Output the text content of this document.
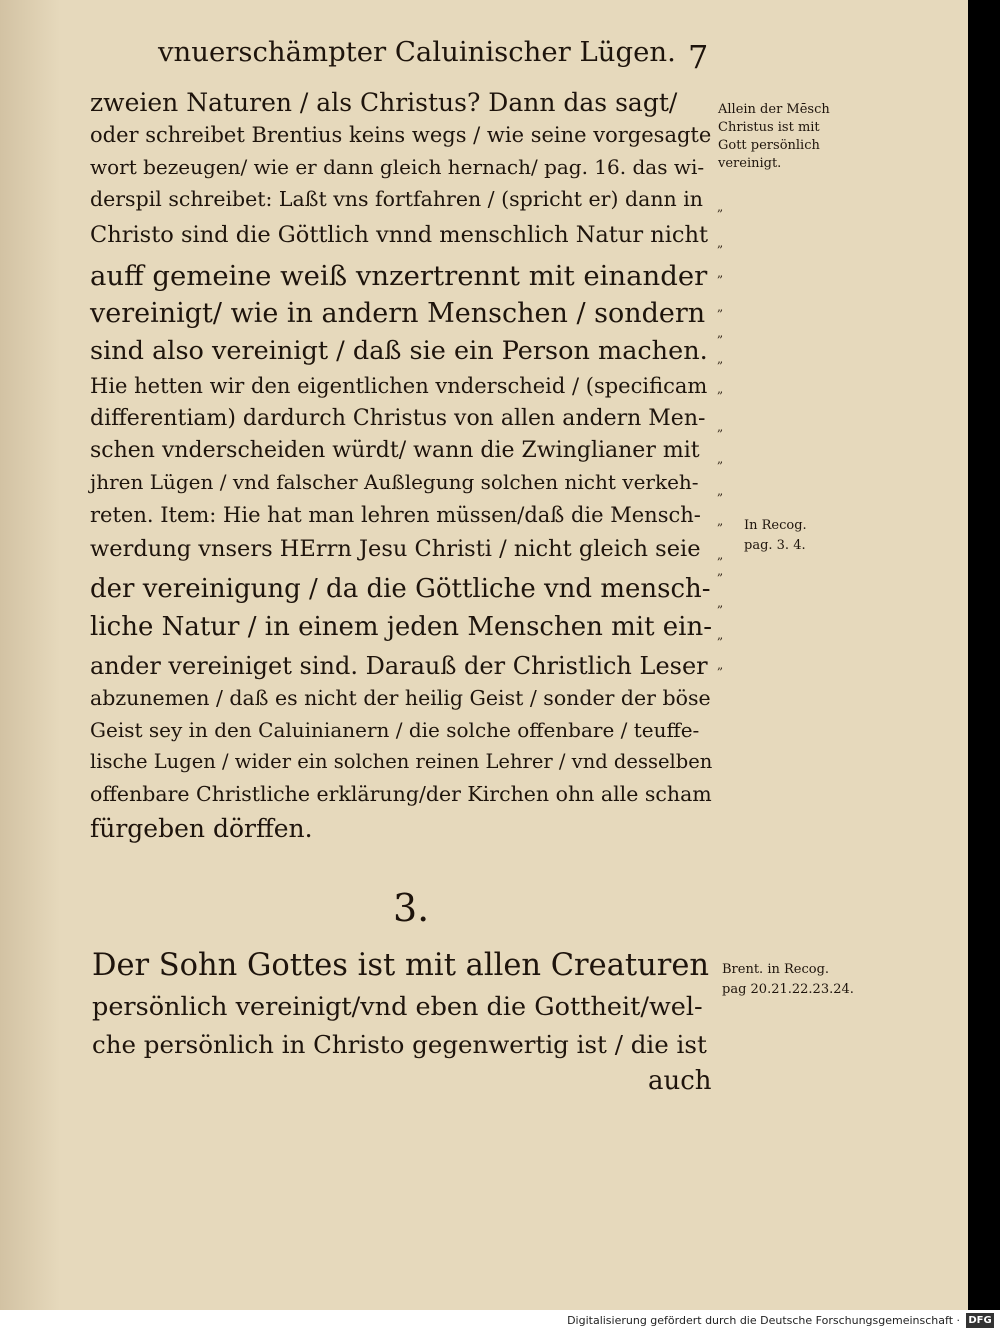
vnuerschämpter Caluinischer Lügen. 7
zweien Naturen / als Christus? Dann das sagt/
oder schreibet Brentius keins wegs / wie seine vorgesagte
wort bezeugen/ wie er dann gleich hernach/ pag. 16. das wi-
derspil schreibet: Laßt vns fortfahren / (spricht er) dann in
Christo sind die Göttlich vnnd menschlich Natur nicht
auff gemeine weiß vnzertrennt mit einander
vereinigt/ wie in andern Menschen / sondern
sind also vereinigt / daß sie ein Person machen.
Hie hetten wir den eigentlichen vnderscheid / (specificam
differentiam) dardurch Christus von allen andern Men-
schen vnderscheiden würdt/ wann die Zwinglianer mit
jhren Lügen / vnd falscher Außlegung solchen nicht verkeh-
reten. Item: Hie hat man lehren müssen/daß die Mensch-
werdung vnsers HErrn Jesu Christi / nicht gleich seie
der vereinigung / da die Göttliche vnd mensch-
liche Natur / in einem jeden Menschen mit ein-
ander vereiniget sind. Darauß der Christlich Leser
abzunemen / daß es nicht der heilig Geist / sonder der böse
Geist sey in den Caluinianern / die solche offenbare / teuffe-
lische Lugen / wider ein solchen reinen Lehrer / vnd desselben
offenbare Christliche erklärung/der Kirchen ohn alle scham
fürgeben dörffen.
„
„
„
„
„
„
„
„
„
„
„
„
„
„
„
„
Allein der Mēsch
Christus ist mit
Gott persönlich
vereinigt.
In Recog.
pag. 3. 4.
Brent. in Recog.
pag 20.21.22.23.24.
3.
Der Sohn Gottes ist mit allen Creaturen
persönlich vereinigt/vnd eben die Gottheit/wel-
che persönlich in Christo gegenwertig ist / die ist
auch
Digitalisierung gefördert durch die Deutsche Forschungsgemeinschaft · DFG
